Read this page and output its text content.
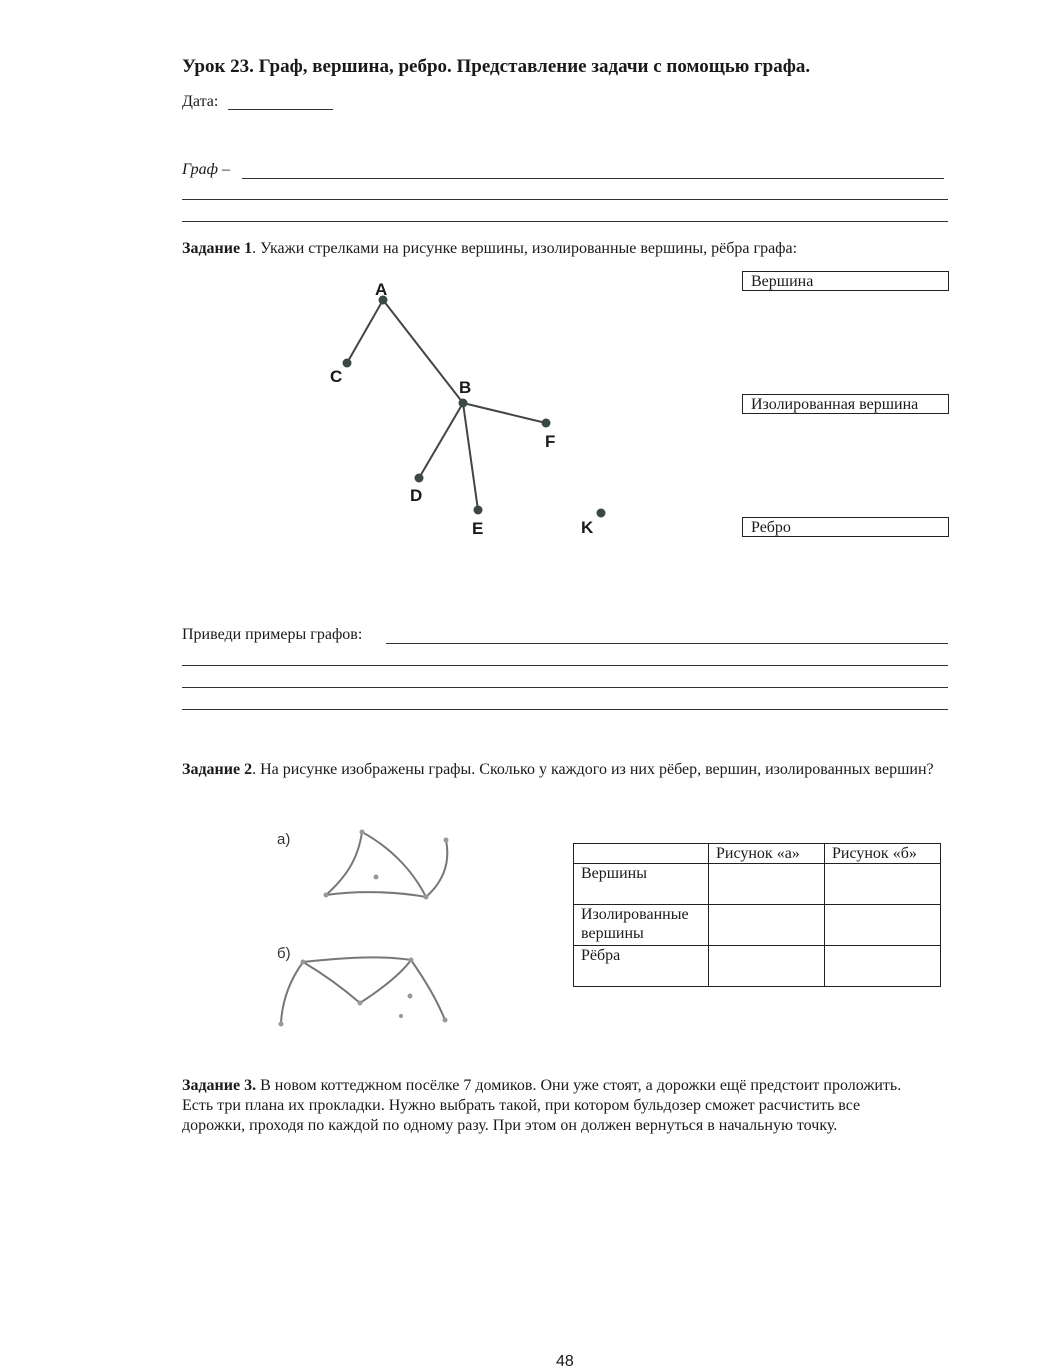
Урок 23. Граф, вершина, ребро. Представление задачи с помощью графа.
Дата:
Граф –
Задание 1. Укажи стрелками на рисунке вершины, изолированные вершины, рёбра графа:
A
B
C
D
E
F
K
а)
б)
Вершина
Изолированная вершина
Ребро
Приведи примеры графов:
Задание 2. На рисунке изображены графы. Сколько у каждого из них рёбер, вершин, изолированных вершин?
	Рисунок «а»	Рисунок «б»
Вершины		
Изолированные вершины		
Рёбра		
Задание 3. В новом коттеджном посёлке 7 домиков. Они уже стоят, а дорожки ещё предстоит проложить. Есть три плана их прокладки. Нужно выбрать такой, при котором бульдозер сможет расчистить все дорожки, проходя по каждой по одному разу. При этом он должен вернуться в начальную точку.
48
